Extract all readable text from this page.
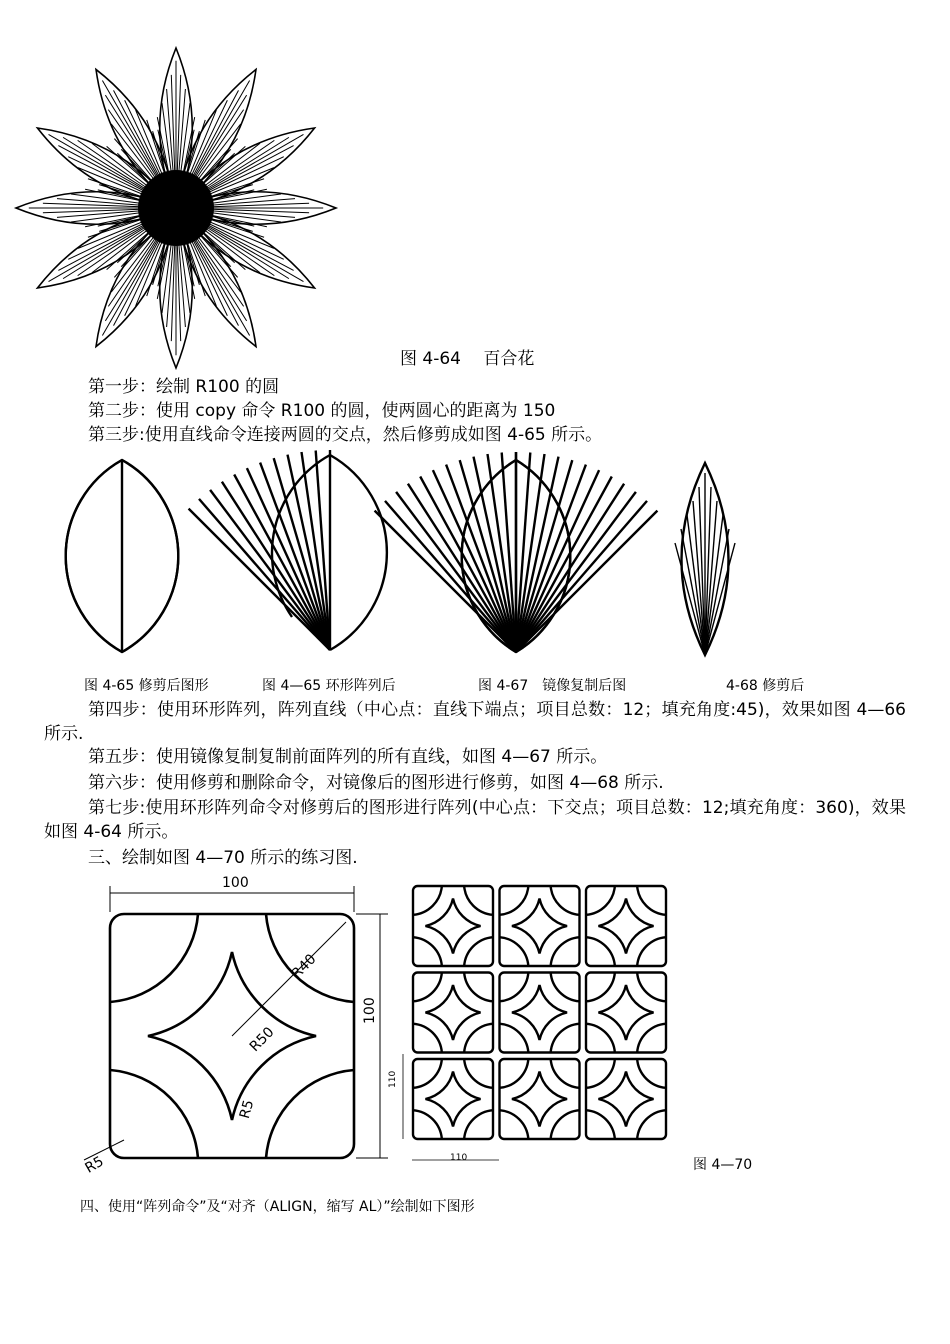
图 4-64　 百合花
第一步：绘制 R100 的圆
第二步：使用 copy 命令 R100 的圆，使两圆心的距离为 150
第三步:使用直线命令连接两圆的交点，然后修剪成如图 4-65 所示。
图 4-65 修剪后图形	图 4—65 环形阵列后	图 4-67　镜像复制后图	4-68 修剪后
第四步：使用环形阵列，阵列直线（中心点：直线下端点；项目总数：12；填充角度:45)，效果如图 4—66 所示.
第五步：使用镜像复制复制前面阵列的所有直线，如图 4—67 所示。
第六步：使用修剪和删除命令，对镜像后的图形进行修剪，如图 4—68 所示.
第七步:使用环形阵列命令对修剪后的图形进行阵列(中心点：下交点；项目总数：12;填充角度：360)，效果如图 4-64 所示。
三、绘制如图 4—70 所示的练习图.
100
100
R40
R50
R5
R5
110
110	图 4—70
四、使用“阵列命令”及“对齐（ALIGN，缩写 AL）”绘制如下图形
